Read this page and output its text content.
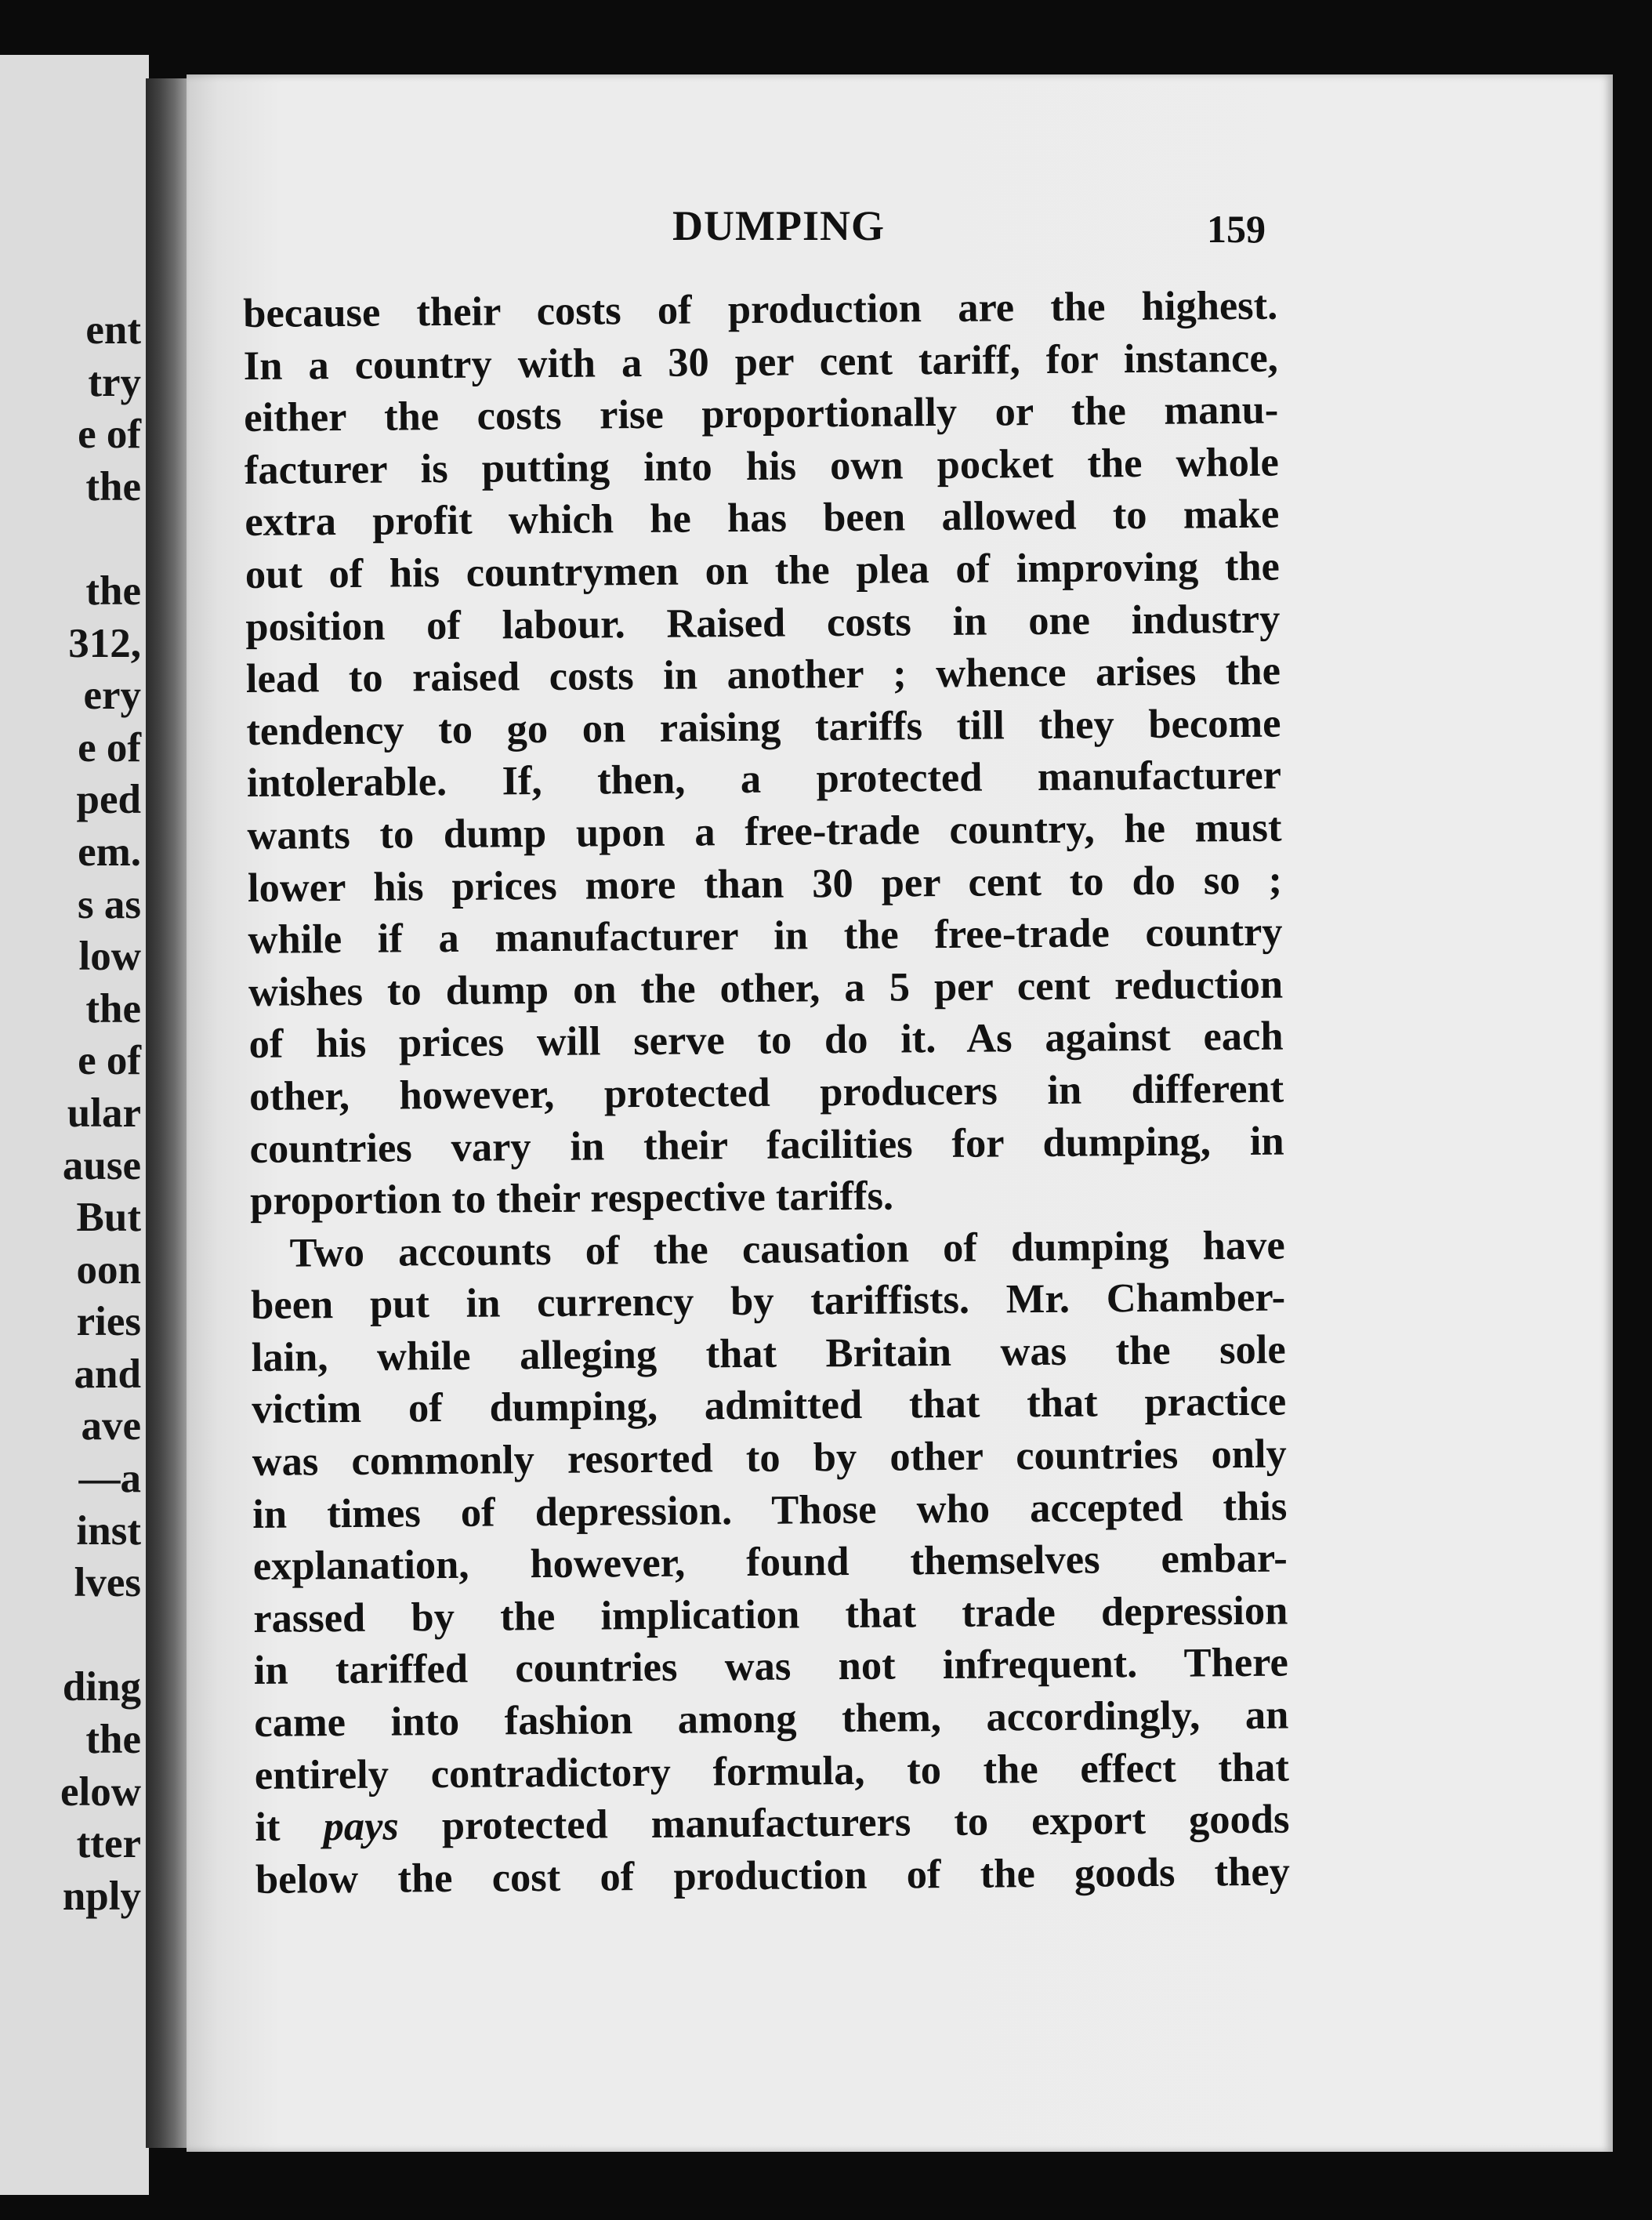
ent
try
e of
the
the
312,
ery
e of
ped
em.
s as
low
the
e of
ular
ause
But
oon
ries
and
ave
—a
inst
lves
ding
the
elow
tter
nply
DUMPING	159
because their costs of production are the highest.
In a country with a 30 per cent tariff, for instance,
either the costs rise proportionally or the manu-
facturer is putting into his own pocket the whole
extra profit which he has been allowed to make
out of his countrymen on the plea of improving the
position of labour. Raised costs in one industry
lead to raised costs in another ; whence arises the
tendency to go on raising tariffs till they become
intolerable. If, then, a protected manufacturer
wants to dump upon a free-trade country, he must
lower his prices more than 30 per cent to do so ;
while if a manufacturer in the free-trade country
wishes to dump on the other, a 5 per cent reduction
of his prices will serve to do it. As against each
other, however, protected producers in different
countries vary in their facilities for dumping, in
proportion to their respective tariffs.
Two accounts of the causation of dumping have
been put in currency by tariffists. Mr. Chamber-
lain, while alleging that Britain was the sole
victim of dumping, admitted that that practice
was commonly resorted to by other countries only
in times of depression. Those who accepted this
explanation, however, found themselves embar-
rassed by the implication that trade depression
in tariffed countries was not infrequent. There
came into fashion among them, accordingly, an
entirely contradictory formula, to the effect that
it pays protected manufacturers to export goods
below the cost of production of the goods they
